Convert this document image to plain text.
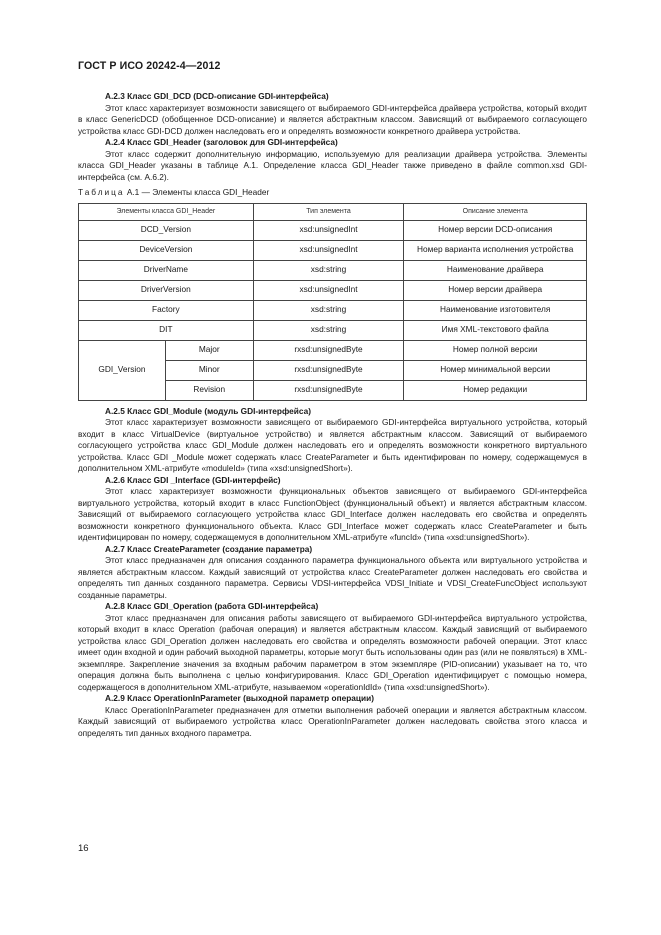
ГОСТ Р ИСО 20242-4—2012

А.2.3 Класс GDI_DCD (DCD-описание GDI-интерфейса)

Этот класс характеризует возможности зависящего от выбираемого GDI-интерфейса драйвера устройства, который входит в класс GenericDCD (обобщенное DCD-описание) и является абстрактным классом. Зависящий от выбираемого согласующего устройства класс GDI-DCD должен наследовать его и определять возможности конкретного драйвера устройства.

А.2.4 Класс GDI_Header (заголовок для GDI-интерфейса)

Этот класс содержит дополнительную информацию, используемую для реализации драйвера устройства. Элементы класса GDI_Header указаны в таблице А.1. Определение класса GDI_Header также приведено в файле common.xsd GDI-интерфейса (см. А.6.2).

Таблица А.1 — Элементы класса GDI_Header
Элементы класса GDI_Header		Тип элемента	Описание элемента
DCD_Version		xsd:unsignedInt	Номер версии DCD-описания
DeviceVersion		xsd:unsignedInt	Номер варианта исполнения устройства
DriverName		xsd:string	Наименование драйвера
DriverVersion		xsd:unsignedInt	Номер версии драйвера
Factory		xsd:string	Наименование изготовителя
DIT		xsd:string	Имя XML-текстового файла
GDI_Version	Major	rxsd:unsignedByte	Номер полной версии
	Minor	rxsd:unsignedByte	Номер минимальной версии
	Revision	rxsd:unsignedByte	Номер редакции

А.2.5 Класс GDI_Module (модуль GDI-интерфейса)

Этот класс характеризует возможности зависящего от выбираемого GDI-интерфейса виртуального устройства, который входит в класс VirtualDevice (виртуальное устройство) и является абстрактным классом. Зависящий от выбираемого согласующего устройства класс GDI_Module должен наследовать его и определять возможности конкретного виртуального устройства. Класс GDI _Module может содержать класс CreateParameter и быть идентифирован по номеру, содержащемуся в дополнительном XML-атрибуте «moduleId» (типа «xsd:unsignedShort»).

А.2.6 Класс GDI _Interface (GDI-интерфейс)

Этот класс характеризует возможности функциональных объектов зависящего от выбираемого GDI-интерфейса виртуального устройства, который входит в класс FunctionObject (функциональный объект) и является абстрактным классом. Зависящий от выбираемого согласующего устройства класс GDI_Interface должен наследовать его свойства и определять возможности конкретного функционального объекта. Класс GDI_Interface может содержать класс CreateParameter и быть идентифицирован по номеру, содержащемуся в дополнительном XML-атрибуте «funcId» (типа «xsd:unsignedShort»).

А.2.7 Класс CreateParameter (создание параметра)

Этот класс предназначен для описания созданного параметра функционального объекта или виртуального устройства и является абстрактным классом. Каждый зависящий от устройства класс CreateParameter должен наследовать его свойства и определять тип данных созданного параметра. Сервисы VDSI-интерфейса VDSI_Initiate и VDSI_CreateFuncObject используют созданные параметры.

А.2.8 Класс GDI_Operation (работа GDI-интерфейса)

Этот класс предназначен для описания работы зависящего от выбираемого GDI-интерфейса виртуального устройства, который входит в класс Operation (рабочая операция) и является абстрактным классом. Каждый зависящий от выбираемого устройства класс GDI_Operation должен наследовать его свойства и определять возможности рабочей операции. Этот класс имеет один входной и один рабочий выходной параметры, которые могут быть использованы один раз (или не появляться) в XML-экземпляре. Закрепление значения за входным рабочим параметром в этом экземпляре (PID-описании) указывает на то, что операция должна быть выполнена с целью конфигурирования. Класс GDI_Operation идентифицирует с помощью номера, содержащегося в дополнительном XML-атрибуте, называемом «operationIdId» (типа «xsd:unsignedShort»).

А.2.9 Класс OperationInParameter (выходной параметр операции)

Класс OperationInParameter предназначен для отметки выполнения рабочей операции и является абстрактным классом. Каждый зависящий от выбираемого устройства класс OperationInParameter должен наследовать свойства этого класса и определять тип данных входного параметра.

16
